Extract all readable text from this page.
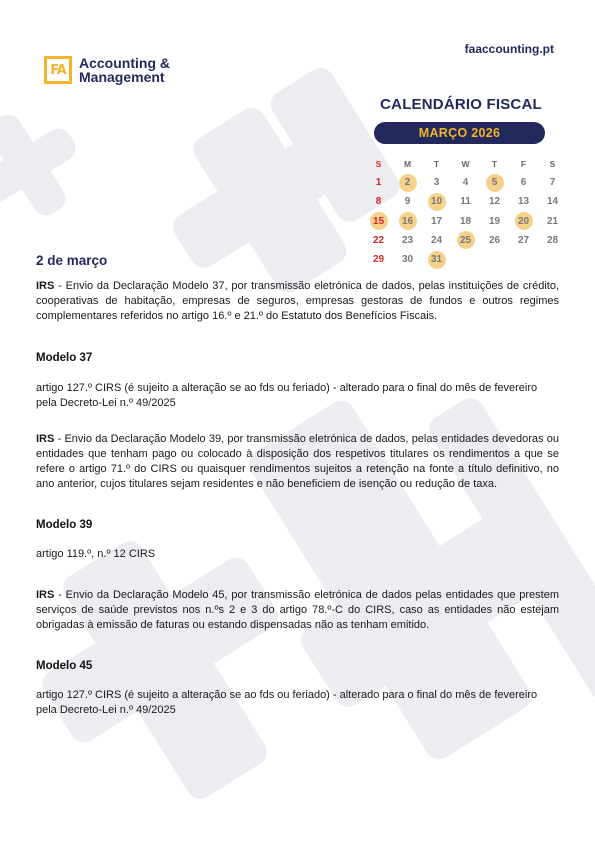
FA Accounting &
Management
faaccounting.pt
CALENDÁRIO FISCAL
MARÇO 2026
S	M	T	W	T	F	S
1 2 3 4 5 6 7
8 9 10 11 12 13 14
15 16 17 18 19 20 21
22 23 24 25 26 27 28
29 30 31
2 de março
IRS - Envio da Declaração Modelo 37, por transmissão eletrónica de dados, pelas instituições de crédito, cooperativas de habitação, empresas de seguros, empresas gestoras de fundos e outros regimes complementares referidos no artigo 16.º e 21.º do Estatuto dos Benefícios Fiscais.
Modelo 37
artigo 127.º CIRS (é sujeito a alteração se ao fds ou feriado) - alterado para o final do mês de fevereiro pela Decreto-Lei n.º 49/2025
IRS - Envio da Declaração Modelo 39, por transmissão eletrónica de dados, pelas entidades devedoras ou entidades que tenham pago ou colocado à disposição dos respetivos titulares os rendimentos a que se refere o artigo 71.º do CIRS ou quaisquer rendimentos sujeitos a retenção na fonte a título definitivo, no ano anterior, cujos titulares sejam residentes e não beneficiem de isenção ou redução de taxa.
Modelo 39
artigo 119.º, n.º 12 CIRS
IRS - Envio da Declaração Modelo 45, por transmissão eletrónica de dados pelas entidades que prestem serviços de saúde previstos nos n.ºs 2 e 3 do artigo 78.º-C do CIRS, caso as entidades não estejam obrigadas à emissão de faturas ou estando dispensadas não as tenham emitido.
Modelo 45
artigo 127.º CIRS (é sujeito a alteração se ao fds ou feriado) - alterado para o final do mês de fevereiro pela Decreto-Lei n.º 49/2025
